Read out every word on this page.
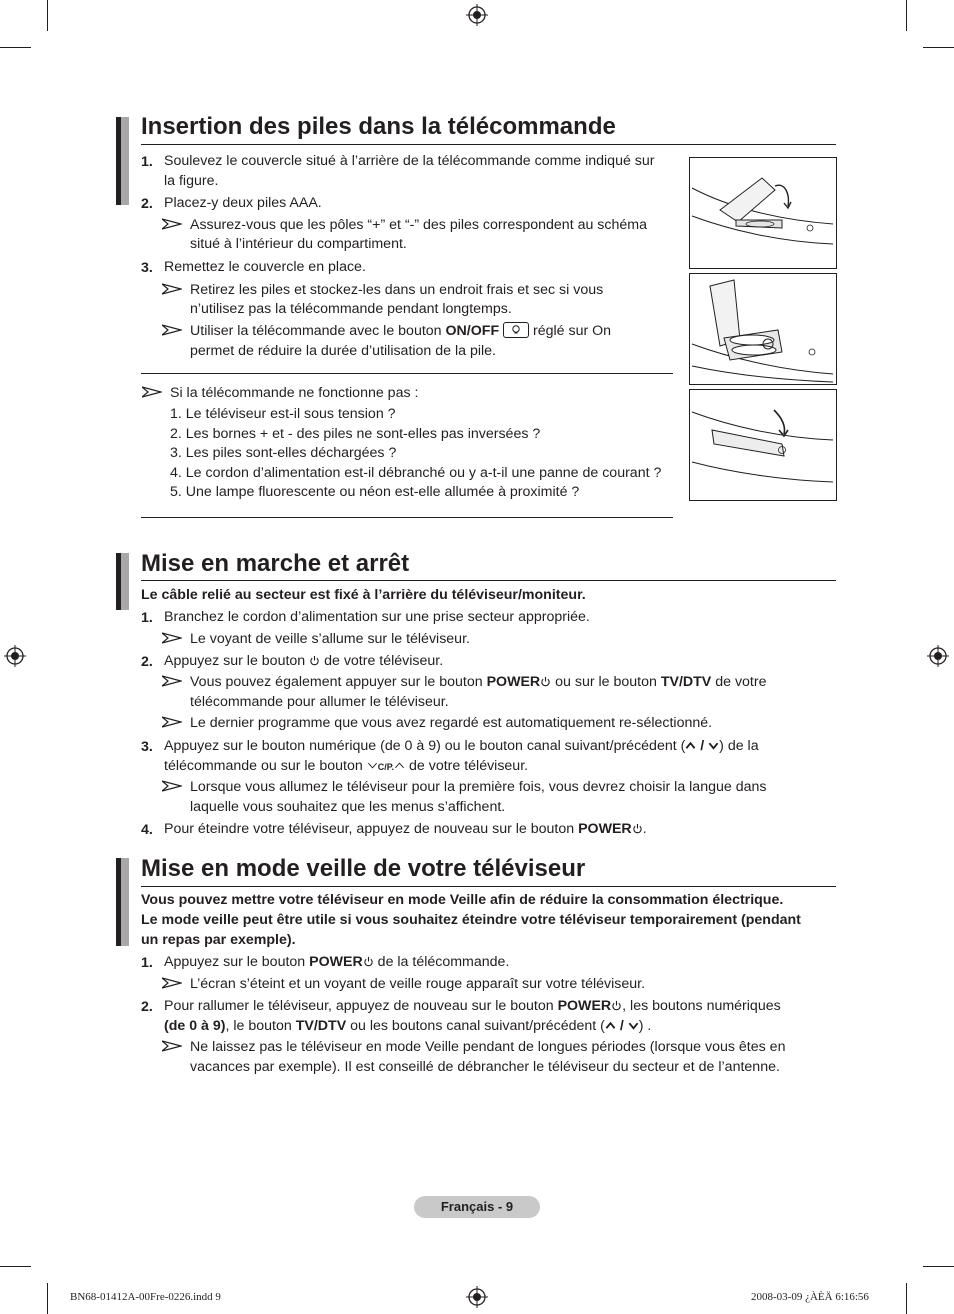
Insertion des piles dans la télécommande
1. Soulevez le couvercle situé à l’arrière de la télécommande comme indiqué sur
la figure.
2. Placez-y deux piles AAA.
Assurez-vous que les pôles “+” et “-” des piles correspondent au schéma
situé à l’intérieur du compartiment.
3. Remettez le couvercle en place.
Retirez les piles et stockez-les dans un endroit frais et sec si vous
n’utilisez pas la télécommande pendant longtemps.
Utiliser la télécommande avec le bouton ON/OFF  réglé sur On
permet de réduire la durée d’utilisation de la pile.
Si la télécommande ne fonctionne pas :
1. Le téléviseur est-il sous tension ?
2. Les bornes + et - des piles ne sont-elles pas inversées ?
3. Les piles sont-elles déchargées ?
4. Le cordon d’alimentation est-il débranché ou y a-t-il une panne de courant ?
5. Une lampe fluorescente ou néon est-elle allumée à proximité ?
Mise en marche et arrêt
Le câble relié au secteur est fixé à l’arrière du téléviseur/moniteur.
1. Branchez le cordon d’alimentation sur une prise secteur appropriée.
Le voyant de veille s’allume sur le téléviseur.
2. Appuyez sur le bouton de votre téléviseur.
Vous pouvez également appuyer sur le bouton POWER ou sur le bouton TV/DTV de votre
télécommande pour allumer le téléviseur.
Le dernier programme que vous avez regardé est automatiquement re-sélectionné.
3. Appuyez sur le bouton numérique (de 0 à 9) ou le bouton canal suivant/précédent ( / ) de la
télécommande ou sur le bouton C/P. de votre téléviseur.
Lorsque vous allumez le téléviseur pour la première fois, vous devrez choisir la langue dans
laquelle vous souhaitez que les menus s’affichent.
4. Pour éteindre votre téléviseur, appuyez de nouveau sur le bouton POWER .
Mise en mode veille de votre téléviseur
Vous pouvez mettre votre téléviseur en mode Veille afin de réduire la consommation électrique.
Le mode veille peut être utile si vous souhaitez éteindre votre téléviseur temporairement (pendant
un repas par exemple).
1. Appuyez sur le bouton POWER de la télécommande.
L’écran s’éteint et un voyant de veille rouge apparaît sur votre téléviseur.
2. Pour rallumer le téléviseur, appuyez de nouveau sur le bouton POWER , les boutons numériques
(de 0 à 9), le bouton TV/DTV ou les boutons canal suivant/précédent ( / ) .
Ne laissez pas le téléviseur en mode Veille pendant de longues périodes (lorsque vous êtes en
vacances par exemple). Il est conseillé de débrancher le téléviseur du secteur et de l’antenne.
Français - 9
BN68-01412A-00Fre-0226.indd 9	2008-03-09 ¿ÀÈÄ 6:16:56
